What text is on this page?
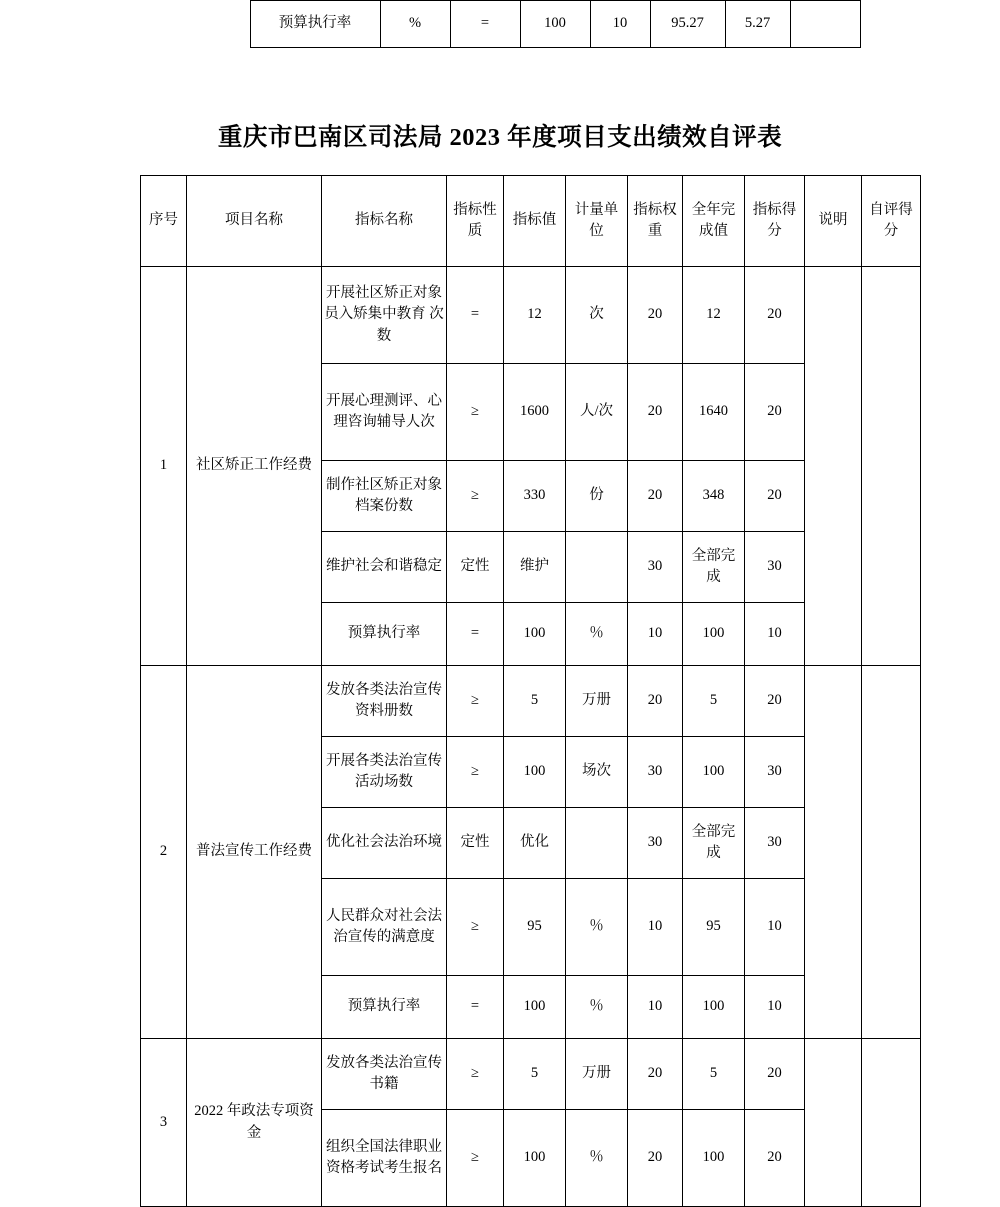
	预算执行率	%	=	100	10	95.27	5.27	
重庆市巴南区司法局 2023 年度项目支出绩效自评表
序号	项目名称	指标名称	指标性质	指标值	计量单位	指标权重	全年完成值	指标得分	说明	自评得分
1	社区矫正工作经费	开展社区矫正对象员入矫集中教育 次数	=	12	次	20	12	20		
		开展心理测评、心理咨询辅导人次	≥	1600	人/次	20	1640	20		
		制作社区矫正对象档案份数	≥	330	份	20	348	20		
		维护社会和谐稳定	定性	维护		30	全部完成	30		
		预算执行率	=	100	％	10	100	10		
2	普法宣传工作经费	发放各类法治宣传资料册数	≥	5	万册	20	5	20		
		开展各类法治宣传活动场数	≥	100	场次	30	100	30		
		优化社会法治环境	定性	优化		30	全部完成	30		
		人民群众对社会法治宣传的满意度	≥	95	％	10	95	10		
		预算执行率	=	100	％	10	100	10		
3	2022 年政法专项资金	发放各类法治宣传书籍	≥	5	万册	20	5	20		
		组织全国法律职业资格考试考生报名	≥	100	％	20	100	20		
